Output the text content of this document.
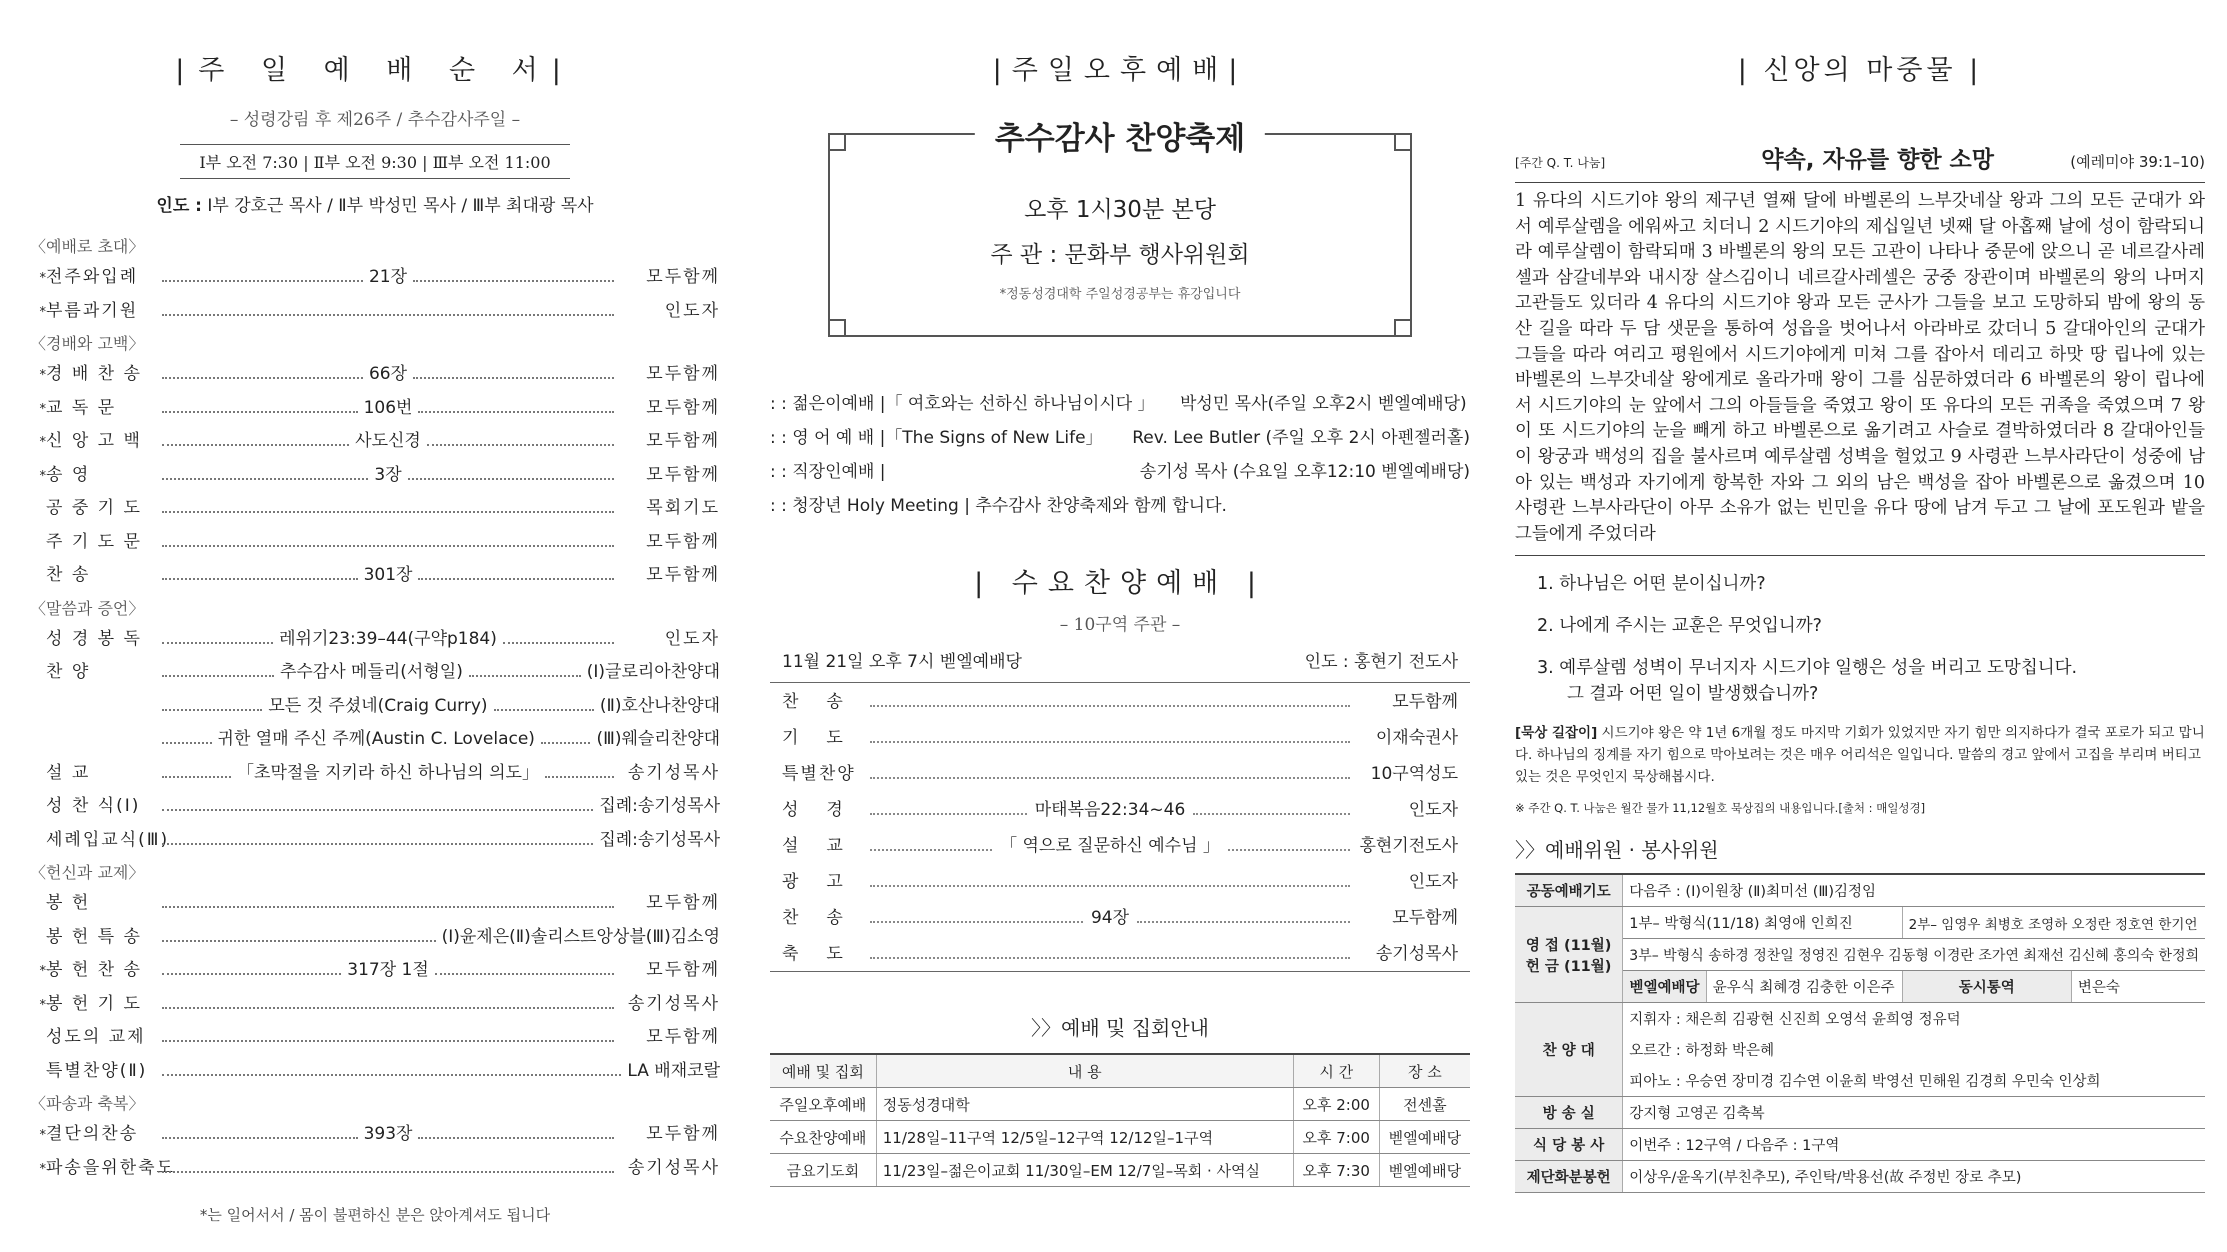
|주 일 예 배 순 서|
– 성령강림 후 제26주 / 추수감사주일 –
Ⅰ부 오전 7:30 | Ⅱ부 오전 9:30 | Ⅲ부 오전 11:00
인도 : Ⅰ부 강호근 목사 / Ⅱ부 박성민 목사 / Ⅲ부 최대광 목사
〈예배로 초대〉
* 전주와입례	21장	모두함께
* 부름과기원	인도자
〈경배와 고백〉
* 경 배 찬 송	66장	모두함께
* 교 독 문	106번	모두함께
* 신 앙 고 백	사도신경	모두함께
* 송 영	3장	모두함께
공 중 기 도	목회기도
주 기 도 문	모두함께
찬 송	301장	모두함께
〈말씀과 증언〉
성 경 봉 독	레위기23:39–44(구약p184)	인도자
찬 양	추수감사 메들리(서형일)	(Ⅰ)글로리아찬양대
모든 것 주셨네(Craig Curry)	(Ⅱ)호산나찬양대
귀한 열매 주신 주께(Austin C. Lovelace)	(Ⅲ)웨슬리찬양대
설 교	「초막절을 지키라 하신 하나님의 의도」	송기성목사
성 찬 식(Ⅰ)	집례:송기성목사
세례입교식(Ⅲ)	집례:송기성목사
〈헌신과 교제〉
봉 헌	모두함께
봉 헌 특 송	(Ⅰ)윤제은(Ⅱ)솔리스트앙상블(Ⅲ)김소영
* 봉 헌 찬 송	317장 1절	모두함께
* 봉 헌 기 도	송기성목사
성도의 교제	모두함께
특별찬양(Ⅱ)	LA 배재코랄
〈파송과 축복〉
* 결단의찬송	393장	모두함께
* 파송을위한축도	송기성목사
*는 일어서서 / 몸이 불편하신 분은 앉아계셔도 됩니다
|주일오후예배|
추수감사 찬양축제
오후 1시30분 본당
주 관 : 문화부 행사위원회
*정동성경대학 주일성경공부는 휴강입니다
: : 젊은이예배 |「 여호와는 선하신 하나님이시다 」	박성민 목사(주일 오후2시 벧엘예배당)
: : 영 어 예 배 |「The Signs of New Life」	Rev. Lee Butler (주일 오후 2시 아펜젤러홀)
: : 직장인예배 |	송기성 목사 (수요일 오후12:10 벧엘예배당)
: : 청장년 Holy Meeting | 추수감사 찬양축제와 함께 합니다.
| 수요찬양예배 |
– 10구역 주관 –
11월 21일 오후 7시 벧엘예배당	인도 : 홍현기 전도사
찬송	모두함께
기도	이재숙권사
특별찬양	10구역성도
성경	마태복음22:34~46	인도자
설교	「 역으로 질문하신 예수님 」	홍현기전도사
광고	인도자
찬송	94장	모두함께
축도	송기성목사
〉〉예배 및 집회안내
예배 및 집회	내 용	시 간	장 소
주일오후예배	정동성경대학	오후 2:00	전센홀
수요찬양예배	11/28일–11구역 12/5일–12구역 12/12일–1구역	오후 7:00	벧엘예배당
금요기도회	11/23일–젊은이교회 11/30일–EM 12/7일–목회 · 사역실	오후 7:30	벧엘예배당
| 신앙의 마중물 |
[주간 Q. T. 나눔]	약속, 자유를 향한 소망	(예레미야 39:1–10)
1 유다의 시드기야 왕의 제구년 열째 달에 바벨론의 느부갓네살 왕과 그의 모든 군대가 와서 예루살렘을 에워싸고 치더니 2 시드기야의 제십일년 넷째 달 아홉째 날에 성이 함락되니라 예루살렘이 함락되매 3 바벨론의 왕의 모든 고관이 나타나 중문에 앉으니 곧 네르갈사레셀과 삼갈네부와 내시장 살스김이니 네르갈사레셀은 궁중 장관이며 바벨론의 왕의 나머지 고관들도 있더라 4 유다의 시드기야 왕과 모든 군사가 그들을 보고 도망하되 밤에 왕의 동산 길을 따라 두 담 샛문을 통하여 성읍을 벗어나서 아라바로 갔더니 5 갈대아인의 군대가 그들을 따라 여리고 평원에서 시드기야에게 미쳐 그를 잡아서 데리고 하맛 땅 립나에 있는 바벨론의 느부갓네살 왕에게로 올라가매 왕이 그를 심문하였더라 6 바벨론의 왕이 립나에서 시드기야의 눈 앞에서 그의 아들들을 죽였고 왕이 또 유다의 모든 귀족을 죽였으며 7 왕이 또 시드기야의 눈을 빼게 하고 바벨론으로 옮기려고 사슬로 결박하였더라 8 갈대아인들이 왕궁과 백성의 집을 불사르며 예루살렘 성벽을 헐었고 9 사령관 느부사라단이 성중에 남아 있는 백성과 자기에게 항복한 자와 그 외의 남은 백성을 잡아 바벨론으로 옮겼으며 10 사령관 느부사라단이 아무 소유가 없는 빈민을 유다 땅에 남겨 두고 그 날에 포도원과 밭을 그들에게 주었더라
1. 하나님은 어떤 분이십니까?
2. 나에게 주시는 교훈은 무엇입니까?
3. 예루살렘 성벽이 무너지자 시드기야 일행은 성을 버리고 도망칩니다.
그 결과 어떤 일이 발생했습니까?
[묵상 길잡이] 시드기야 왕은 약 1년 6개월 정도 마지막 기회가 있었지만 자기 힘만 의지하다가 결국 포로가 되고 맙니다. 하나님의 징계를 자기 힘으로 막아보려는 것은 매우 어리석은 일입니다. 말씀의 경고 앞에서 고집을 부리며 버티고 있는 것은 무엇인지 묵상해봅시다.
※ 주간 Q. T. 나눔은 월간 물가 11,12월호 묵상집의 내용입니다.[출처 : 매일성경]
〉〉예배위원 · 봉사위원
공동예배기도	다음주 : (Ⅰ)이원창 (Ⅱ)최미선 (Ⅲ)김정임			

영 접 (11월)
헌 금 (11월)	1부– 박형식(11/18) 최영애 인희진		2부– 임영우 최병호 조영하 오정란 정호연 한기언	
	3부– 박형식 송하경 정찬일 정영진 김현우 김동형 이경란 조가연 최재선 김신혜 홍의숙 한정희			
	벧엘예배당	윤우식 최혜경 김충한 이은주	동시통역	변은숙
찬 양 대	지휘자 : 채은희 김광현 신진희 오영석 윤희영 정유덕			
	오르간 : 하정화 박은혜			
	피아노 : 우승연 장미경 김수연 이윤희 박영선 민해원 김경희 우민숙 인상희			
방 송 실	강지형 고영곤 김축복			
식 당 봉 사	이번주 : 12구역 / 다음주 : 1구역			
제단화분봉헌	이상우/윤옥기(부친추모), 주인탁/박용선(故 주정빈 장로 추모)			
